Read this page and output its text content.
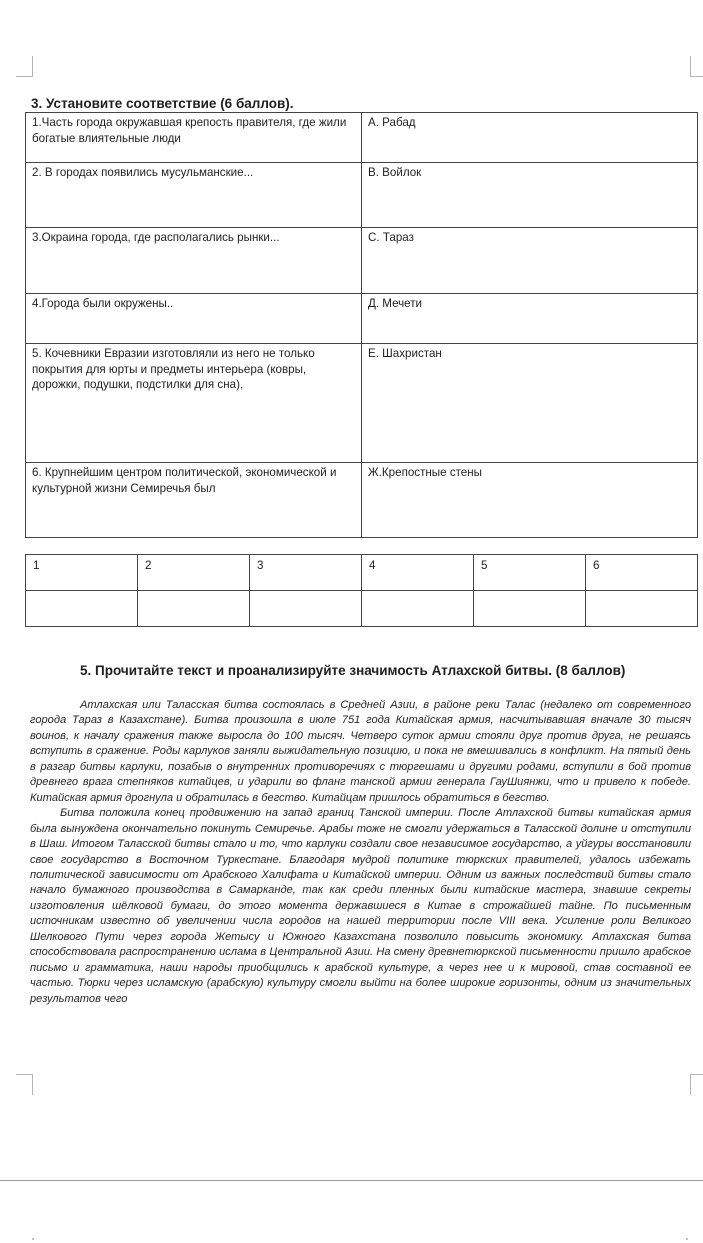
3. Установите соответствие (6 баллов).
1.Часть города окружавшая крепость правителя, где жили богатые влиятельные люди	А. Рабад
2. В городах появились мусульманские...	В. Войлок
3.Окраина города, где располагались рынки...	С. Тараз
4.Города были окружены..	Д. Мечети
5. Кочевники Евразии изготовляли из него не только покрытия для юрты и предметы интерьера (ковры, дорожки, подушки, подстилки для сна),	Е. Шахристан
6. Крупнейшим центром политической, экономической и культурной жизни Семиречья был	Ж.Крепостные стены
1	2	3	4	5	6

5. Прочитайте текст и проанализируйте значимость Атлахской битвы. (8 баллов)

Атлахская или Таласская битва состоялась в Средней Азии, в районе реки Талас (недалеко от современного города Тараз в Казахстане). Битва произошла в июле 751 года Китайская армия, насчитывавшая вначале 30 тысяч воинов, к началу сражения также выросла до 100 тысяч. Четверо суток армии стояли друг против друга, не решаясь вступить в сражение. Роды карлуков заняли выжидательную позицию, и пока не вмешивались в конфликт. На пятый день в разгар битвы карлуки, позабыв о внутренних противоречиях с тюргешами и другими родами, вступили в бой против древнего врага степняков китайцев, и ударили во фланг танской армии генерала ГауШиянжи, что и привело к победе. Китайская армия дрогнула и обратилась в бегство. Китайцам пришлось обратиться в бегство.

Битва положила конец продвижению на запад границ Танской империи. После Атлахской битвы китайская армия была вынуждена окончательно покинуть Семиречье. Арабы тоже не смогли удержаться в Таласской долине и отступили в Шаш. Итогом Таласской битвы стало и то, что карлуки создали свое независимое государство, а уйгуры восстановили свое государство в Восточном Туркестане. Благодаря мудрой политике тюркских правителей, удалось избежать политической зависимости от Арабского Халифата и Китайской империи. Одним из важных последствий битвы стало начало бумажного производства в Самарканде, так как среди пленных были китайские мастера, знавшие секреты изготовления шёлковой бумаги, до этого момента державшиеся в Китае в строжайшей тайне. По письменным источникам известно об увеличении числа городов на нашей территории после VIII века. Усиление роли Великого Шелкового Пути через города Жетысу и Южного Казахстана позволило повысить экономику. Атлахская битва способствовала распространению ислама в Центральной Азии. На смену древнетюркской письменности пришло арабское письмо и грамматика, наши народы приобщились к арабской культуре, а через нее и к мировой, став составной ее частью. Тюрки через исламскую (арабскую) культуру смогли выйти на более широкие горизонты, одним из значительных результатов чего
